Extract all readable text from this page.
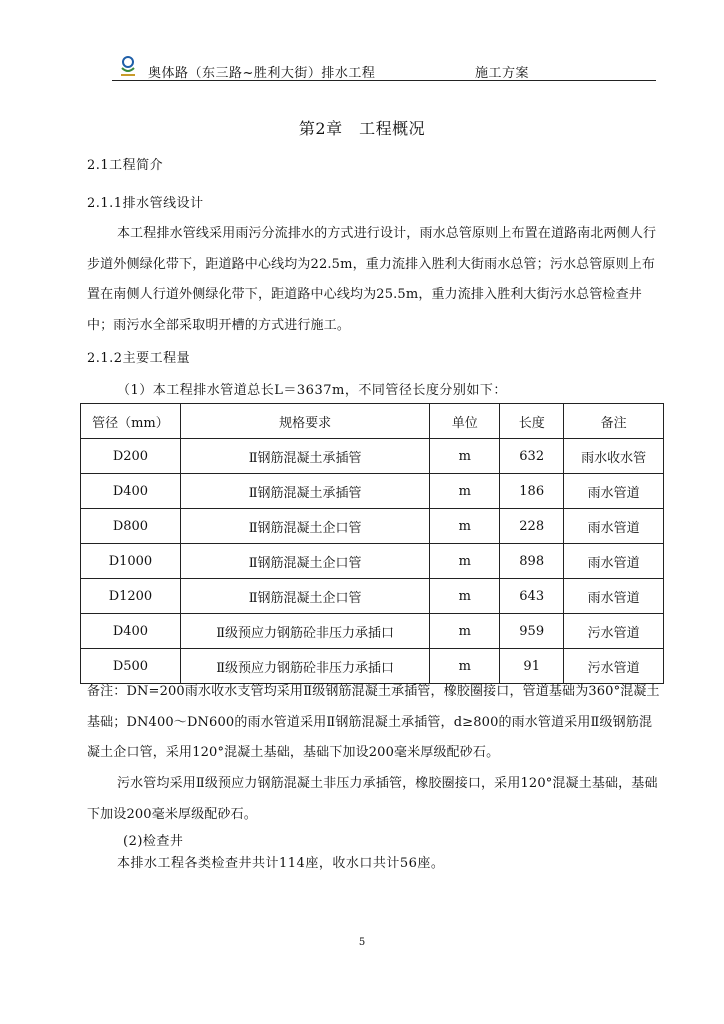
奥体路（东三路~胜利大街）排水工程	施工方案
第2章　工程概况
2.1工程简介
2.1.1排水管线设计

本工程排水管线采用雨污分流排水的方式进行设计，雨水总管原则上布置在道路南北两侧人行步道外侧绿化带下，距道路中心线均为22.5m，重力流排入胜利大街雨水总管；污水总管原则上布置在南侧人行道外侧绿化带下，距道路中心线均为25.5m，重力流排入胜利大街污水总管检查井中；雨污水全部采取明开槽的方式进行施工。

2.1.2主要工程量
（1）本工程排水管道总长L＝3637m，不同管径长度分别如下：
管径（mm）	规格要求	单位	长度	备注
D200	Ⅱ钢筋混凝土承插管	m	632	雨水收水管
D400	Ⅱ钢筋混凝土承插管	m	186	雨水管道
D800	Ⅱ钢筋混凝土企口管	m	228	雨水管道
D1000	Ⅱ钢筋混凝土企口管	m	898	雨水管道
D1200	Ⅱ钢筋混凝土企口管	m	643	雨水管道
D400	Ⅱ级预应力钢筋砼非压力承插口	m	959	污水管道
D500	Ⅱ级预应力钢筋砼非压力承插口	m	91	污水管道

备注：DN=200雨水收水支管均采用Ⅱ级钢筋混凝土承插管，橡胶圈接口，管道基础为360°混凝土基础；DN400～DN600的雨水管道采用Ⅱ钢筋混凝土承插管，d≥800的雨水管道采用Ⅱ级钢筋混凝土企口管，采用120°混凝土基础，基础下加设200毫米厚级配砂石。

污水管均采用Ⅱ级预应力钢筋混凝土非压力承插管，橡胶圈接口，采用120°混凝土基础，基础下加设200毫米厚级配砂石。

(2)检查井
本排水工程各类检查井共计114座，收水口共计56座。
5
